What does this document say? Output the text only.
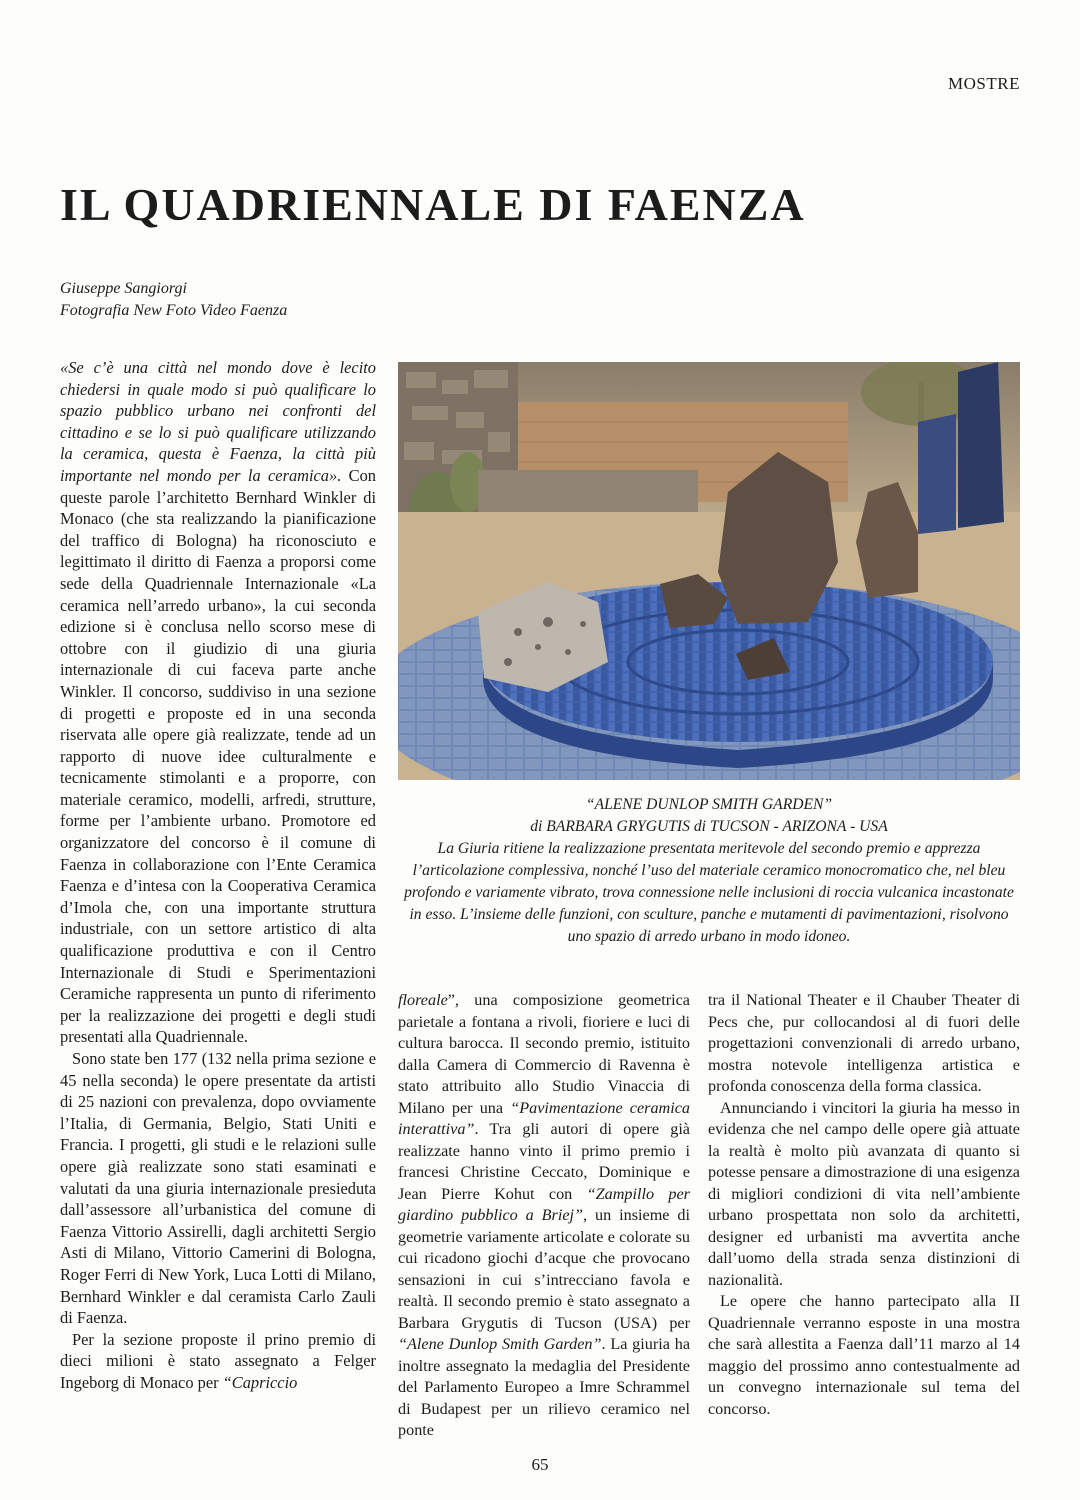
MOSTRE
IL QUADRIENNALE DI FAENZA
Giuseppe Sangiorgi
Fotografia New Foto Video Faenza

«Se c’è una città nel mondo dove è lecito chiedersi in quale modo si può qualificare lo spazio pubblico urbano nei confronti del cittadino e se lo si può qualificare utilizzando la ceramica, questa è Faenza, la città più importante nel mondo per la ceramica». Con queste parole l’architetto Bernhard Winkler di Monaco (che sta realizzando la pianificazione del traffico di Bologna) ha riconosciuto e legittimato il diritto di Faenza a proporsi come sede della Quadriennale Internazionale «La ceramica nell’arredo urbano», la cui seconda edizione si è conclusa nello scorso mese di ottobre con il giudizio di una giuria internazionale di cui faceva parte anche Winkler. Il concorso, suddiviso in una sezione di progetti e proposte ed in una seconda riservata alle opere già realizzate, tende ad un rapporto di nuove idee culturalmente e tecnicamente stimolanti e a proporre, con materiale ceramico, modelli, arfredi, strutture, forme per l’ambiente urbano. Promotore ed organizzatore del concorso è il comune di Faenza in collaborazione con l’Ente Ceramica Faenza e d’intesa con la Cooperativa Ceramica d’Imola che, con una importante struttura industriale, con un settore artistico di alta qualificazione produttiva e con il Centro Internazionale di Studi e Sperimentazioni Ceramiche rappresenta un punto di riferimento per la realizzazione dei progetti e degli studi presentati alla Quadriennale.

Sono state ben 177 (132 nella prima sezione e 45 nella seconda) le opere presentate da artisti di 25 nazioni con prevalenza, dopo ovviamente l’Italia, di Germania, Belgio, Stati Uniti e Francia. I progetti, gli studi e le relazioni sulle opere già realizzate sono stati esaminati e valutati da una giuria internazionale presieduta dall’assessore all’urbanistica del comune di Faenza Vittorio Assirelli, dagli architetti Sergio Asti di Milano, Vittorio Camerini di Bologna, Roger Ferri di New York, Luca Lotti di Milano, Bernhard Winkler e dal ceramista Carlo Zauli di Faenza.

Per la sezione proposte il prino premio di dieci milioni è stato assegnato a Felger Ingeborg di Monaco per “Capriccio

“ALENE DUNLOP SMITH GARDEN”

di BARBARA GRYGUTIS di TUCSON - ARIZONA - USA

La Giuria ritiene la realizzazione presentata meritevole del secondo premio e apprezza l’articolazione complessiva, nonché l’uso del materiale ceramico monocromatico che, nel bleu profondo e variamente vibrato, trova connessione nelle inclusioni di roccia vulcanica incastonate in esso. L’insieme delle funzioni, con sculture, panche e mutamenti di pavimentazioni, risolvono uno spazio di arredo urbano in modo idoneo.

floreale”, una composizione geometrica parietale a fontana a rivoli, fioriere e luci di cultura barocca. Il secondo premio, istituito dalla Camera di Commercio di Ravenna è stato attribuito allo Studio Vinaccia di Milano per una “Pavimentazione ceramica interattiva”. Tra gli autori di opere già realizzate hanno vinto il primo premio i francesi Christine Ceccato, Dominique e Jean Pierre Kohut con “Zampillo per giardino pubblico a Briej”, un insieme di geometrie variamente articolate e colorate su cui ricadono giochi d’acque che provocano sensazioni in cui s’intrecciano favola e realtà. Il secondo premio è stato assegnato a Barbara Grygutis di Tucson (USA) per “Alene Dunlop Smith Garden”. La giuria ha inoltre assegnato la medaglia del Presidente del Parlamento Europeo a Imre Schrammel di Budapest per un rilievo ceramico nel ponte

tra il National Theater e il Chauber Theater di Pecs che, pur collocandosi al di fuori delle progettazioni convenzionali di arredo urbano, mostra notevole intelligenza artistica e profonda conoscenza della forma classica.

Annunciando i vincitori la giuria ha messo in evidenza che nel campo delle opere già attuate la realtà è molto più avanzata di quanto si potesse pensare a dimostrazione di una esigenza di migliori condizioni di vita nell’ambiente urbano prospettata non solo da architetti, designer ed urbanisti ma avvertita anche dall’uomo della strada senza distinzioni di nazionalità.

Le opere che hanno partecipato alla II Quadriennale verranno esposte in una mostra che sarà allestita a Faenza dall’11 marzo al 14 maggio del prossimo anno contestualmente ad un convegno internazionale sul tema del concorso.

65
